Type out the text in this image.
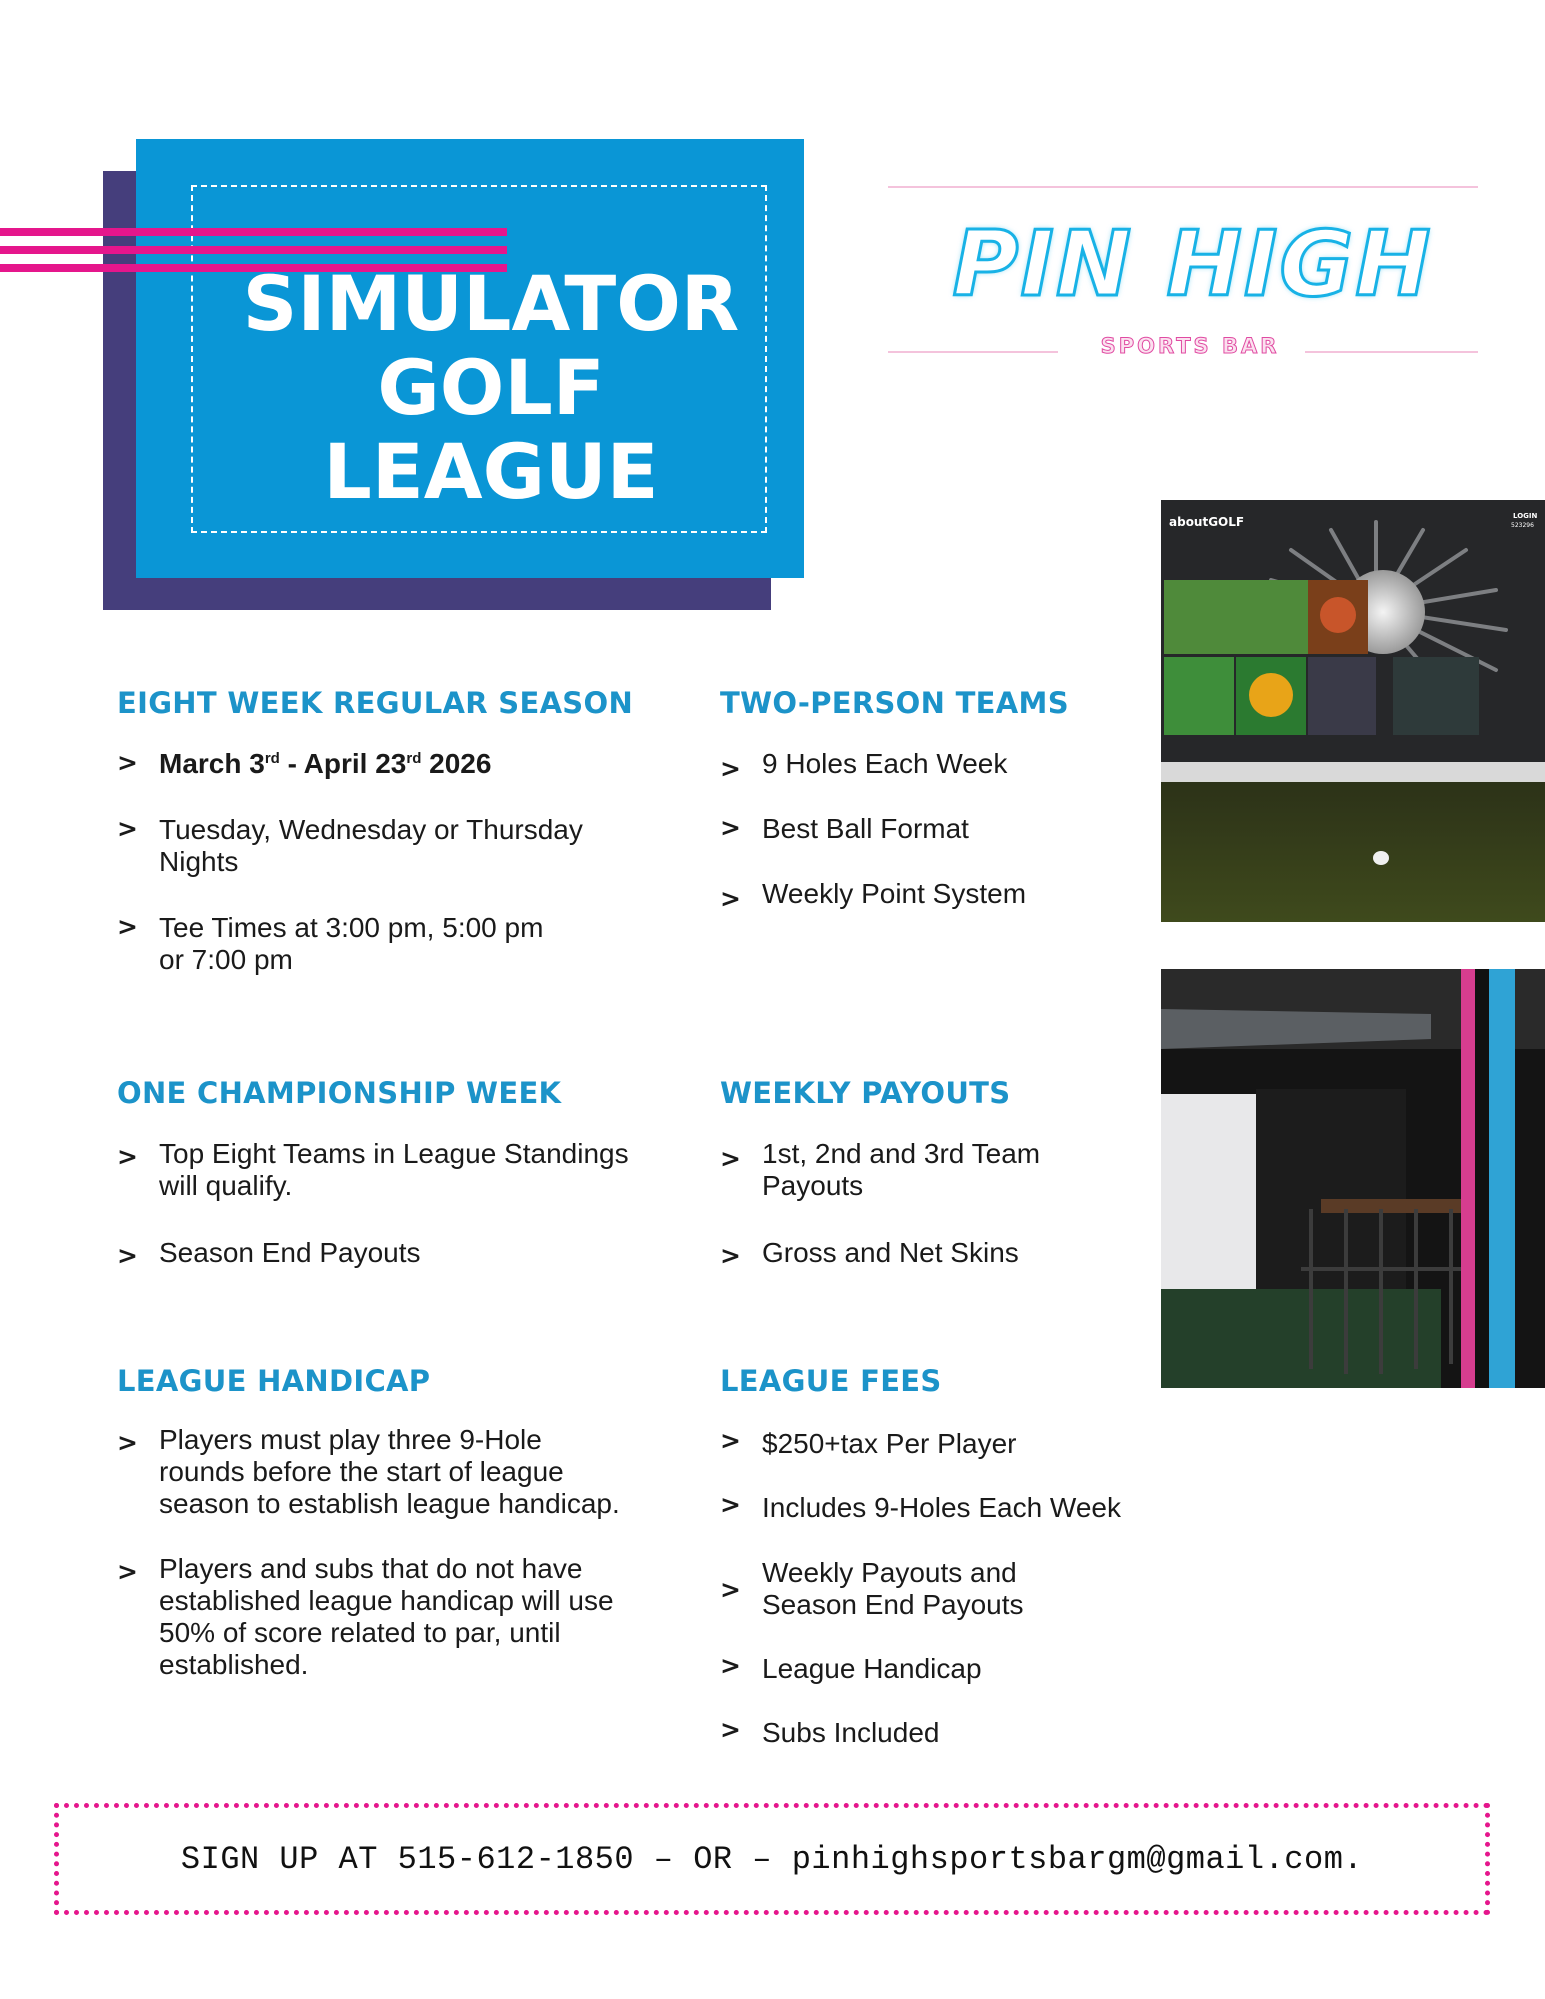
SIMULATOR
GOLF
LEAGUE
PIN HIGH
SPORTS BAR
EIGHT WEEK REGULAR SEASON
> March 3rd - April 23rd 2026
> Tuesday, Wednesday or Thursday
Nights
> Tee Times at 3:00 pm, 5:00 pm
or 7:00 pm
TWO-PERSON TEAMS
> 9 Holes Each Week
> Best Ball Format
> Weekly Point System
ONE CHAMPIONSHIP WEEK
> Top Eight Teams in League Standings
will qualify.
> Season End Payouts
WEEKLY PAYOUTS
> 1st, 2nd and 3rd Team
Payouts
> Gross and Net Skins
LEAGUE HANDICAP
> Players must play three 9-Hole
rounds before the start of league
season to establish league handicap.
> Players and subs that do not have
established league handicap will use
50% of score related to par, until
established.
LEAGUE FEES
> $250+tax Per Player
> Includes 9-Holes Each Week
>
Weekly Payouts and
Season End Payouts
> League Handicap
> Subs Included
aboutGOLF	LOGIN
523296
SIGN UP AT 515-612-1850 – OR – pinhighsportsbargm@gmail.com.
